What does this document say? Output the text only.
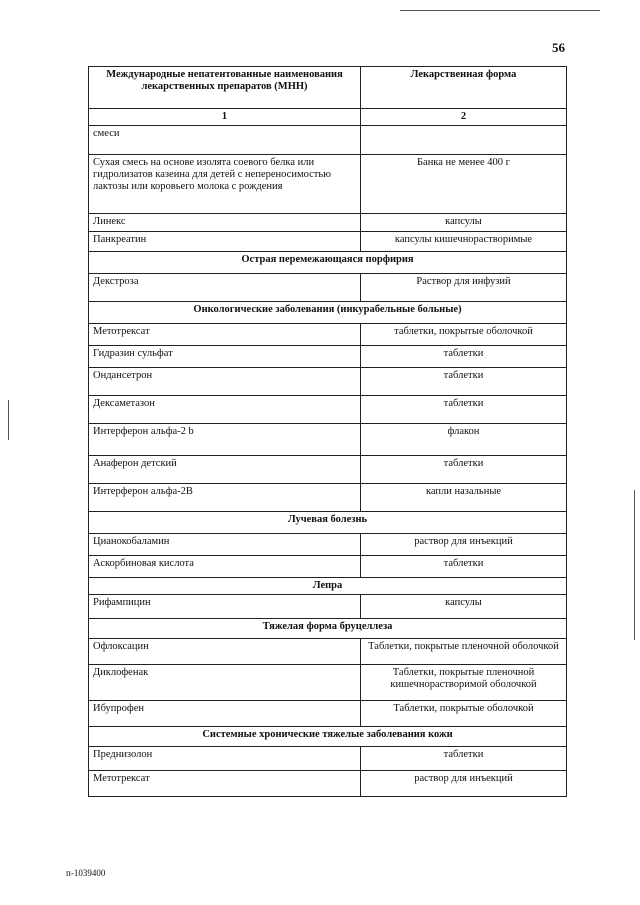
56
Международные непатентованные наименования лекарственных препаратов (МНН)	Лекарственная форма
1	2
смеси	
Сухая смесь на основе изолята соевого белка или гидролизатов казеина для детей с непереносимостью лактозы или коровьего молока с рождения	Банка не менее 400 г
Линекс	капсулы
Панкреатин	капсулы кишечнорастворимые
Острая перемежающаяся порфирия	
Декстроза	Раствор для инфузий
Онкологические заболевания (инкурабельные больные)	
Метотрексат	таблетки, покрытые оболочкой
Гидразин сульфат	таблетки
Ондансетрон	таблетки
Дексаметазон	таблетки
Интерферон альфа-2 b	флакон
Анаферон детский	таблетки
Интерферон альфа-2В	капли назальные
Лучевая болезнь	
Цианокобаламин	раствор для инъекций
Аскорбиновая кислота	таблетки
Лепра	
Рифампицин	капсулы
Тяжелая форма бруцеллеза	
Офлоксацин	Таблетки, покрытые пленочной оболочкой
Диклофенак	Таблетки, покрытые пленочной кишечнорастворимой оболочкой
Ибупрофен	Таблетки, покрытые оболочкой
Системные хронические тяжелые заболевания кожи	
Преднизолон	таблетки
Метотрексат	раствор для инъекций
п-1039400
